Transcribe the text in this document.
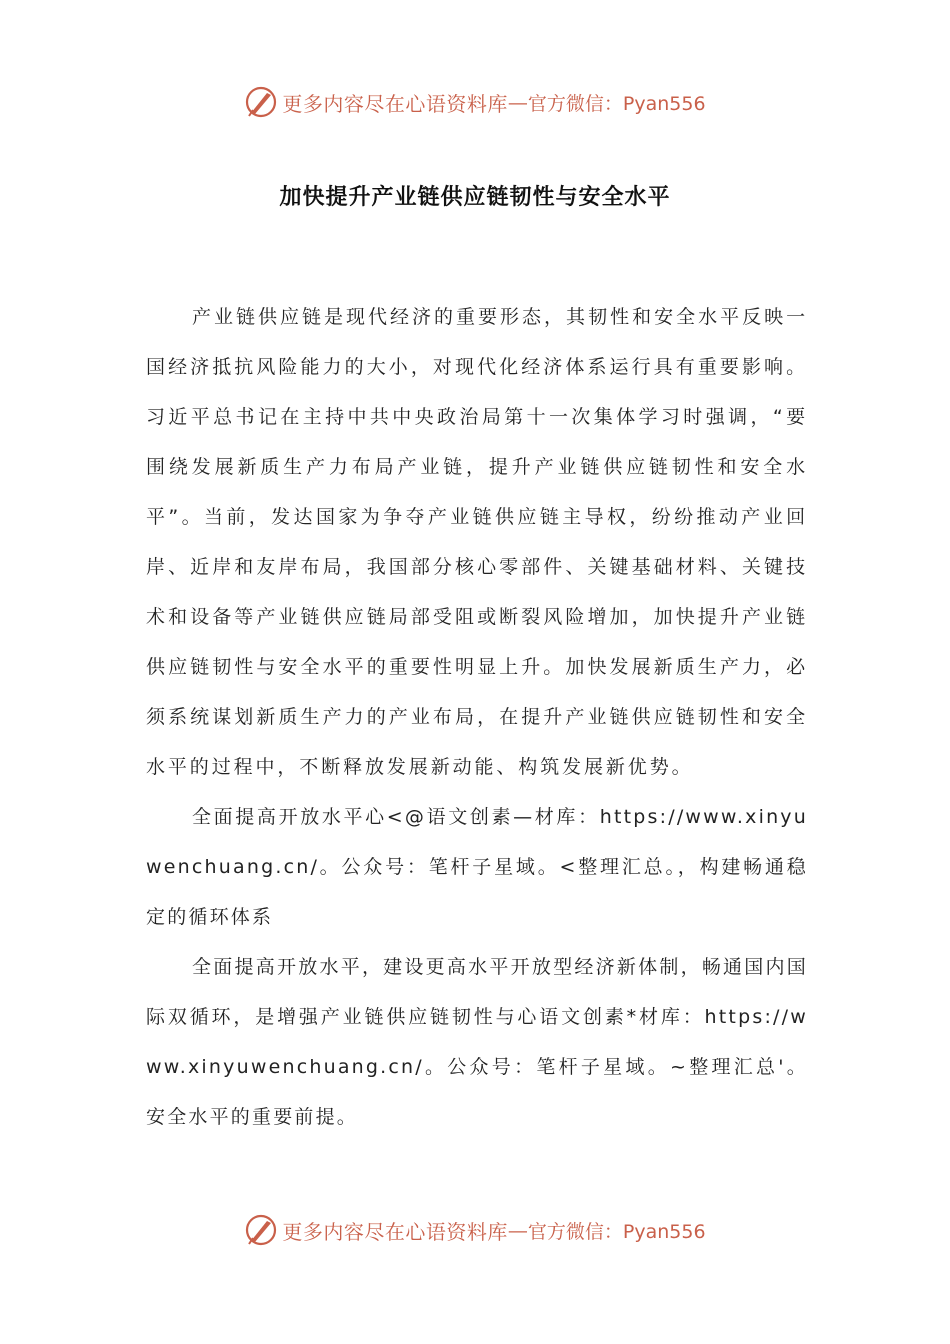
更多内容尽在心语资料库 — 官方微信：Pyan556
加快提升产业链供应链韧性与安全水平

产业链供应链是现代经济的重要形态，其韧性和安全水平反映一国经济抵抗风险能力的大小，对现代化经济体系运行具有重要影响。习近平总书记在主持中共中央政治局第十一次集体学习时强调，“要围绕发展新质生产力布局产业链，提升产业链供应链韧性和安全水平”。当前，发达国家为争夺产业链供应链主导权，纷纷推动产业回岸、近岸和友岸布局，我国部分核心零部件、关键基础材料、关键技术和设备等产业链供应链局部受阻或断裂风险增加，加快提升产业链供应链韧性与安全水平的重要性明显上升。加快发展新质生产力，必须系统谋划新质生产力的产业布局，在提升产业链供应链韧性和安全水平的过程中，不断释放发展新动能、构筑发展新优势。

全面提高开放水平心<@语文创素—材库：https://www.xinyuwenchuang.cn/。公众号：笔杆子星域。<整理汇总。，构建畅通稳定的循环体系

全面提高开放水平，建设更高水平开放型经济新体制，畅通国内国际双循环，是增强产业链供应链韧性与心语文创素*材库：https://www.xinyuwenchuang.cn/。公众号：笔杆子星域。~整理汇总'。安全水平的重要前提。

更多内容尽在心语资料库 — 官方微信：Pyan556
